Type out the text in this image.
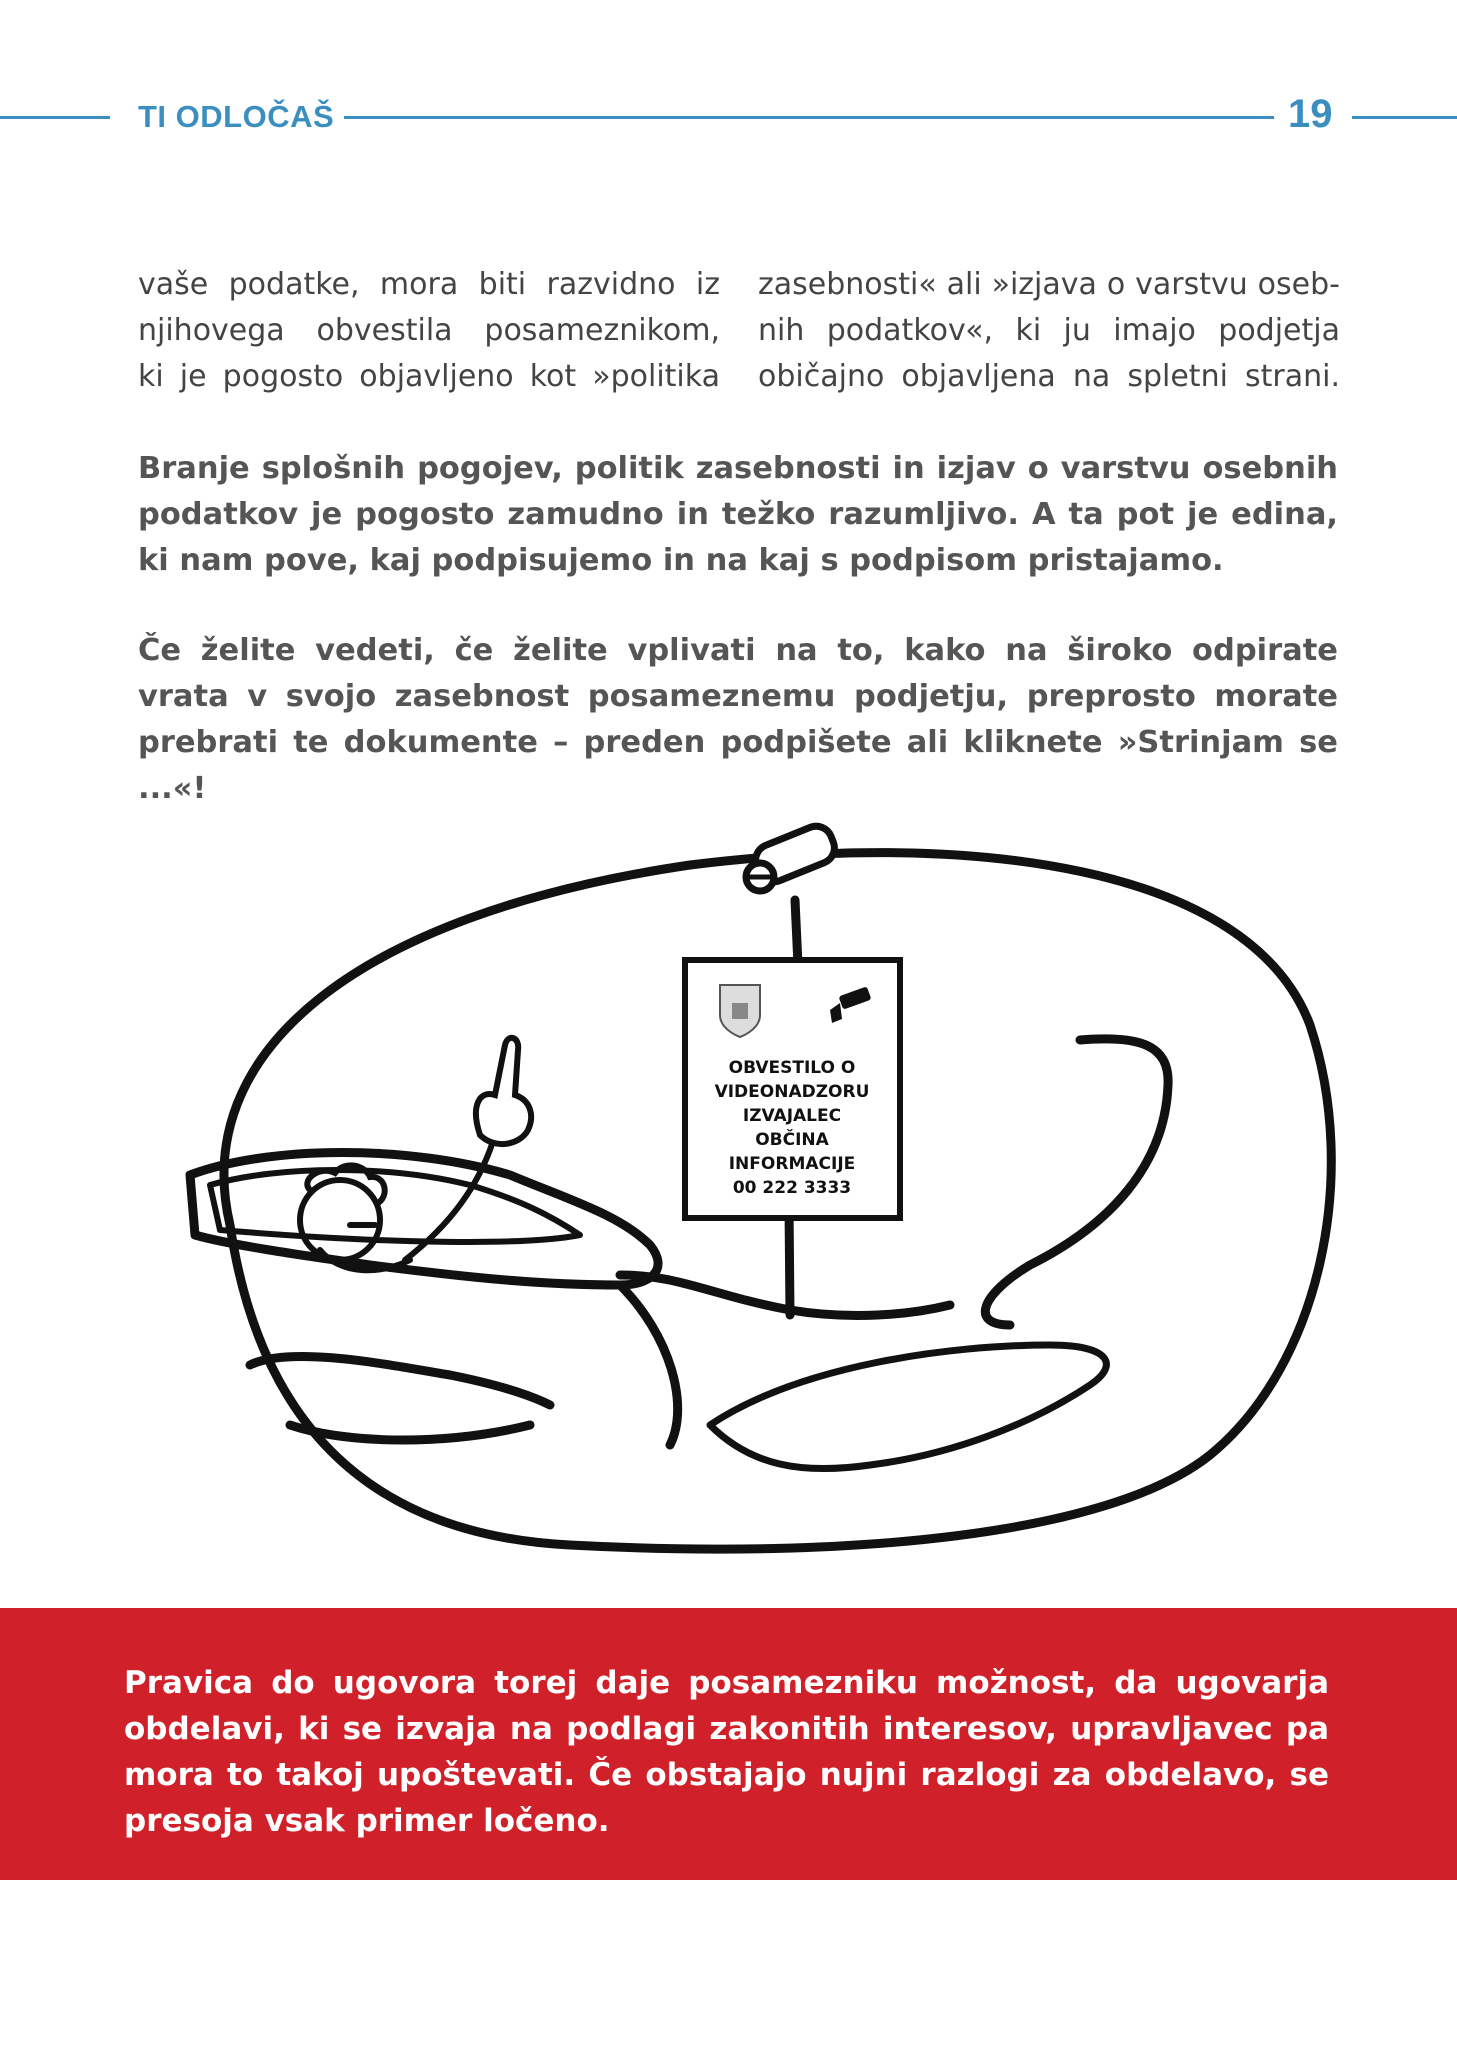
TI ODLOČAŠ	19

vaše podatke, mora biti razvidno iz

njihovega obvestila posameznikom,

ki je pogosto objavljeno kot »politika

zasebnosti« ali »izjava o varstvu oseb-

nih podatkov«, ki ju imajo podjetja

običajno objavljena na spletni strani.

Branje splošnih pogojev, politik zasebnosti in izjav o varstvu osebnih podatkov je pogosto zamudno in težko razumljivo. A ta pot je edina, ki nam pove, kaj podpisujemo in na kaj s podpisom pristajamo.

Če želite vedeti, če želite vplivati na to, kako na široko odpirate vrata v svojo zasebnost posameznemu podjetju, preprosto morate prebrati te dokumente – preden podpišete ali kliknete »Strinjam se ...«!

OBVESTILO O
VIDEONADZORU
IZVAJALEC
OBČINA
INFORMACIJE
00 222 3333

Pravica do ugovora torej daje posamezniku možnost, da ugovarja obdelavi, ki se izvaja na podlagi zakonitih interesov, upravljavec pa mora to takoj upoštevati. Če obstajajo nujni razlogi za obdelavo, se presoja vsak primer ločeno.
